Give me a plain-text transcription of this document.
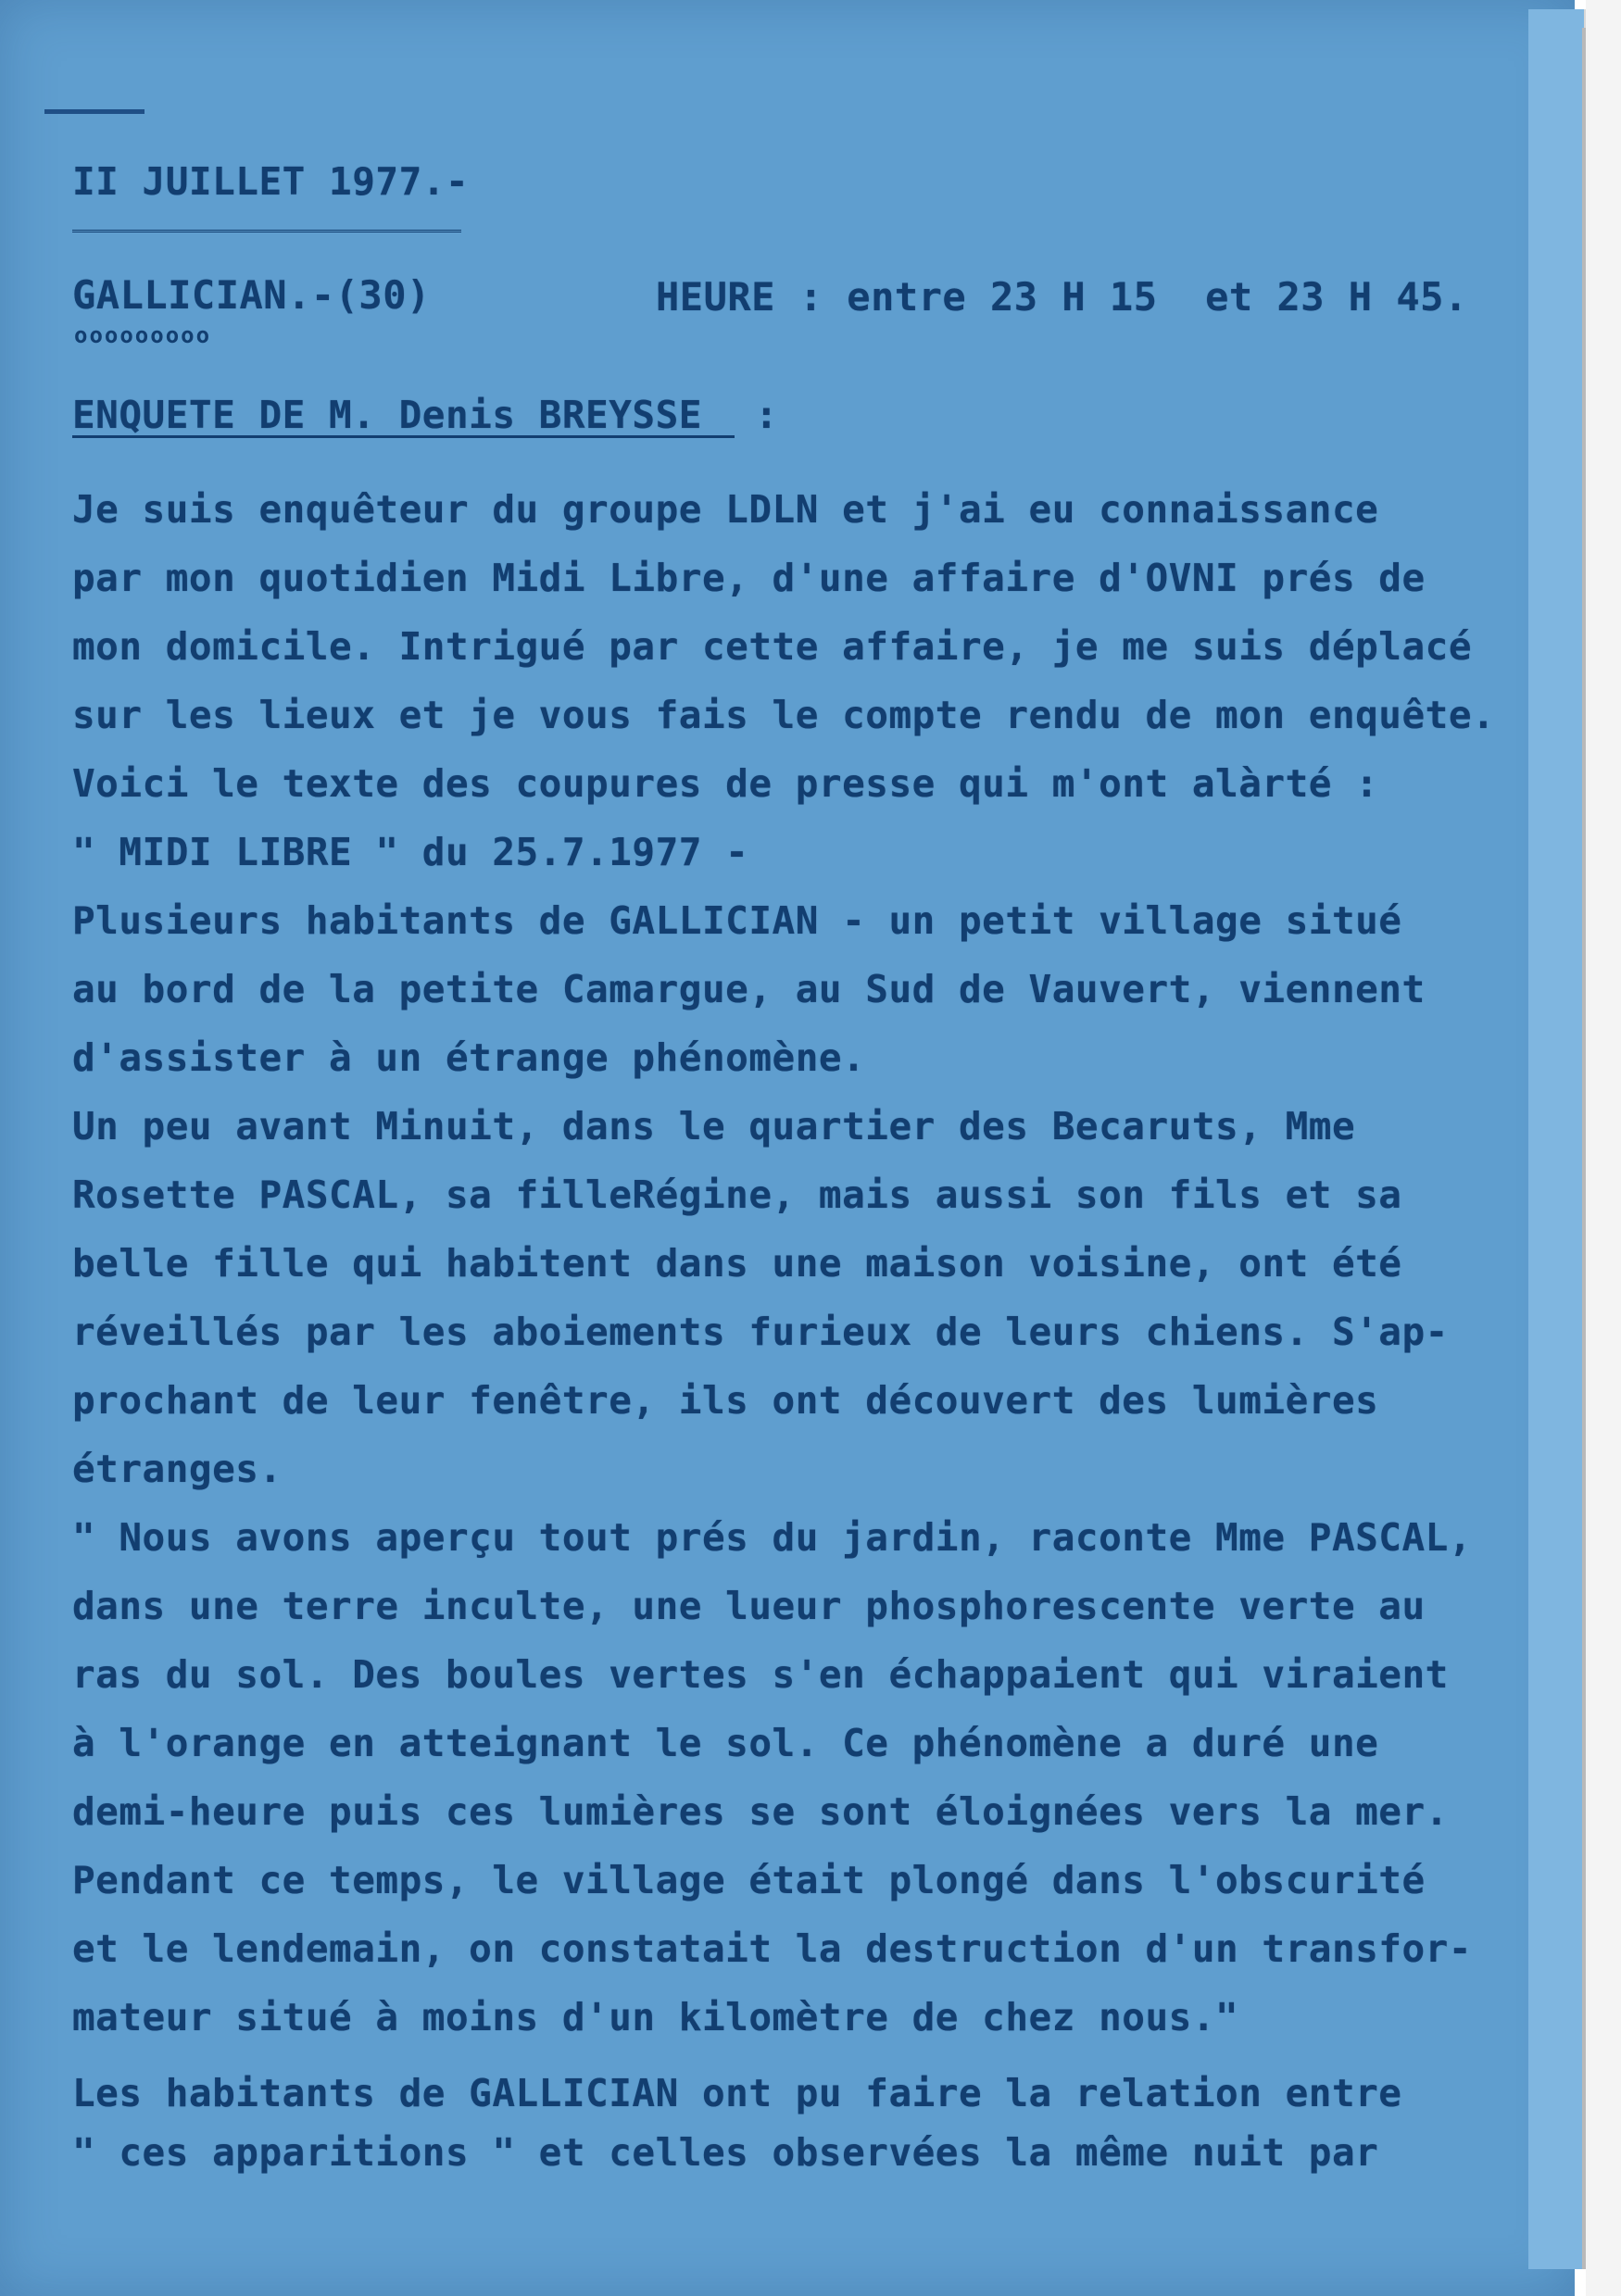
II JUILLET 1977.-
GALLICIAN.-(30)
ooooooooo
HEURE : entre 23 H 15  et 23 H 45.
ENQUETE DE M. Denis BREYSSE :
Je suis enquêteur du groupe LDLN et j'ai eu connaissance
par mon quotidien Midi Libre, d'une affaire d'OVNI prés de
mon domicile. Intrigué par cette affaire, je me suis déplacé
sur les lieux et je vous fais le compte rendu de mon enquête.
Voici le texte des coupures de presse qui m'ont alàrté :
" MIDI LIBRE " du 25.7.1977 -
Plusieurs habitants de GALLICIAN - un petit village situé
au bord de la petite Camargue, au Sud de Vauvert, viennent
d'assister à un étrange phénomène.
Un peu avant Minuit, dans le quartier des Becaruts, Mme
Rosette PASCAL, sa filleRégine, mais aussi son fils et sa
belle fille qui habitent dans une maison voisine, ont été
réveillés par les aboiements furieux de leurs chiens. S'ap-
prochant de leur fenêtre, ils ont découvert des lumières
étranges.
" Nous avons aperçu tout prés du jardin, raconte Mme PASCAL,
dans une terre inculte, une lueur phosphorescente verte au
ras du sol. Des boules vertes s'en échappaient qui viraient
à l'orange en atteignant le sol. Ce phénomène a duré une
demi-heure puis ces lumières se sont éloignées vers la mer.
Pendant ce temps, le village était plongé dans l'obscurité
et le lendemain, on constatait la destruction d'un transfor-
mateur situé à moins d'un kilomètre de chez nous."
Les habitants de GALLICIAN ont pu faire la relation entre
" ces apparitions " et celles observées la même nuit par
